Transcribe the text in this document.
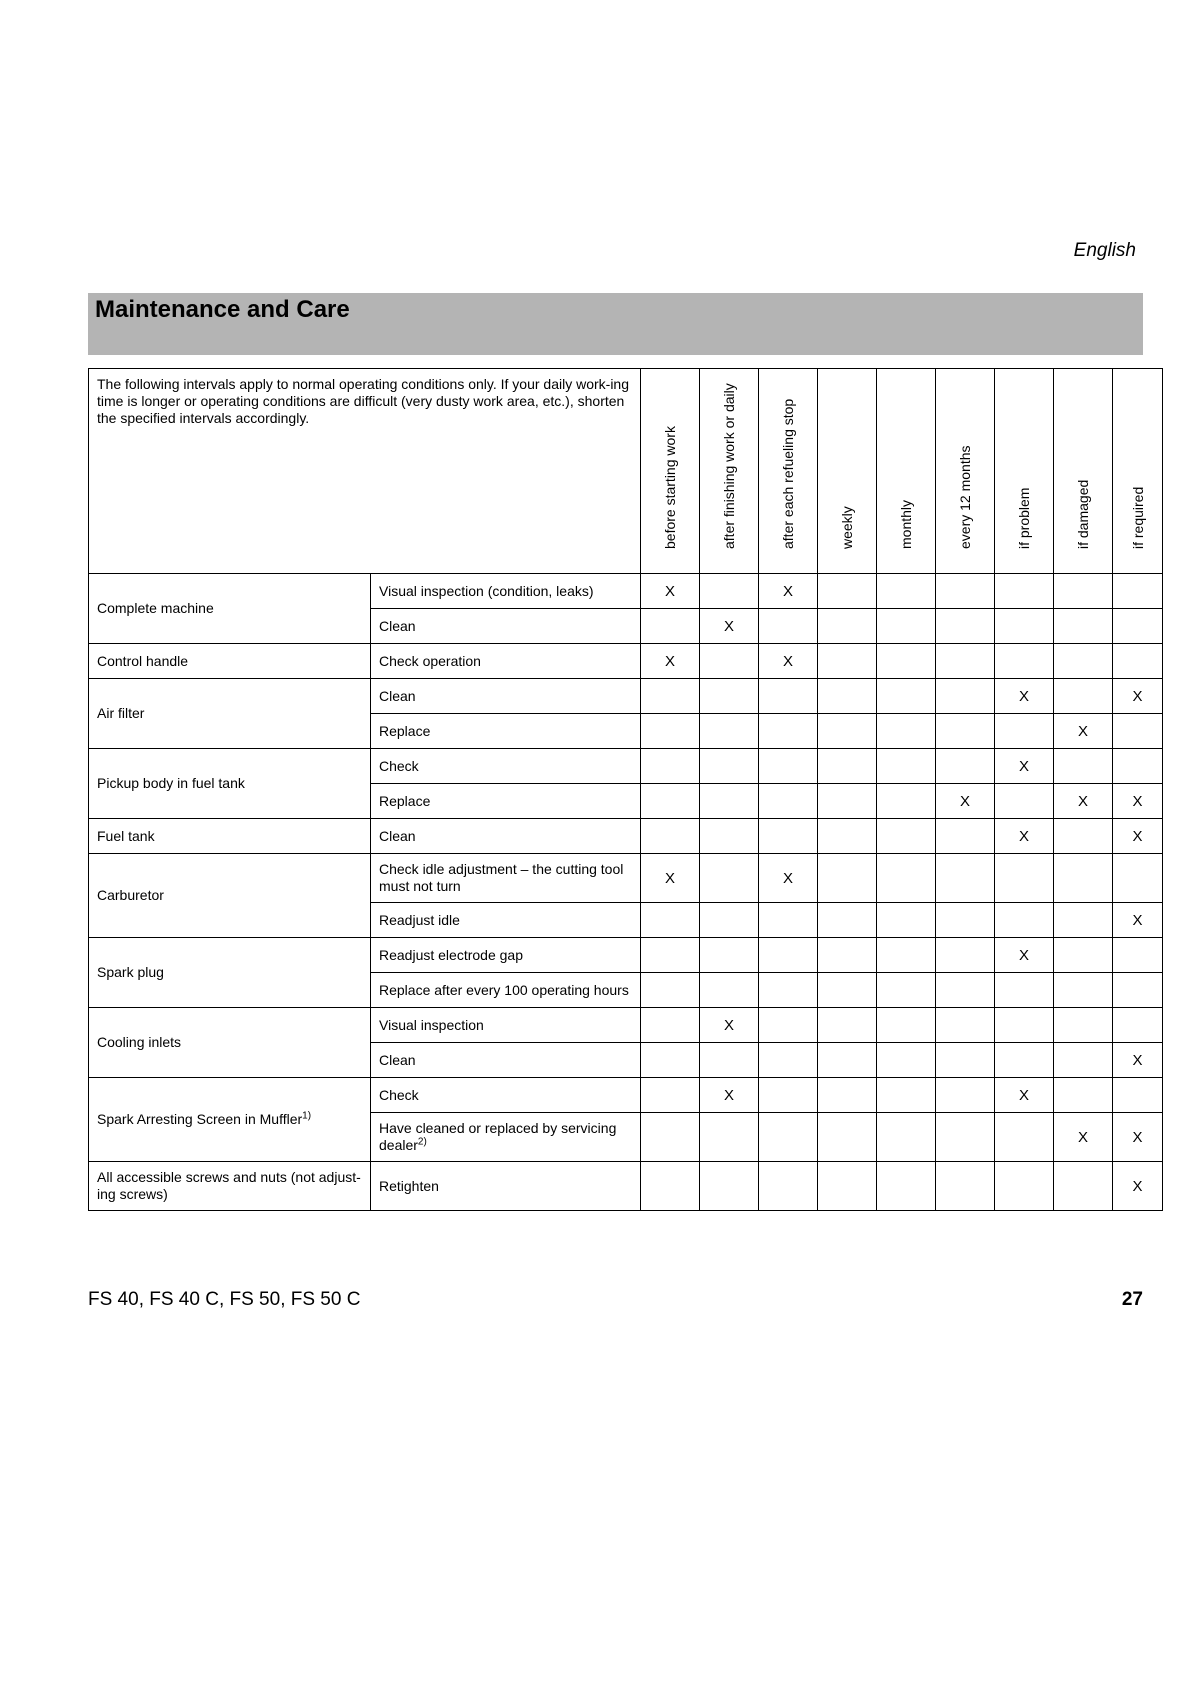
English
Maintenance and Care
The following intervals apply to normal operating conditions only. If your daily work-ing time is longer or operating conditions are difficult (very dusty work area, etc.), shorten the specified intervals accordingly.		before starting work	after finishing work or daily	after each refueling stop	weekly	monthly	every 12 months	if problem	if damaged	if required

Complete machine	Visual inspection (condition, leaks)	X		X						
	Clean		X							
Control handle	Check operation	X		X						
Air filter	Clean							X		X
	Replace								X	
Pickup body in fuel tank	Check							X		
	Replace						X		X	X
Fuel tank	Clean							X		X
Carburetor	Check idle adjustment – the cutting tool must not turn	X		X						
	Readjust idle									X
Spark plug	Readjust electrode gap							X		
	Replace after every 100 operating hours									
Cooling inlets	Visual inspection		X							
	Clean									X
Spark Arresting Screen in Muffler$^{1)}$	Check		X					X		
	Have cleaned or replaced by servicing dealer$^{2)}$								X	X
All accessible screws and nuts (not adjust-ing screws)	Retighten									X
FS 40, FS 40 C, FS 50, FS 50 C	27
